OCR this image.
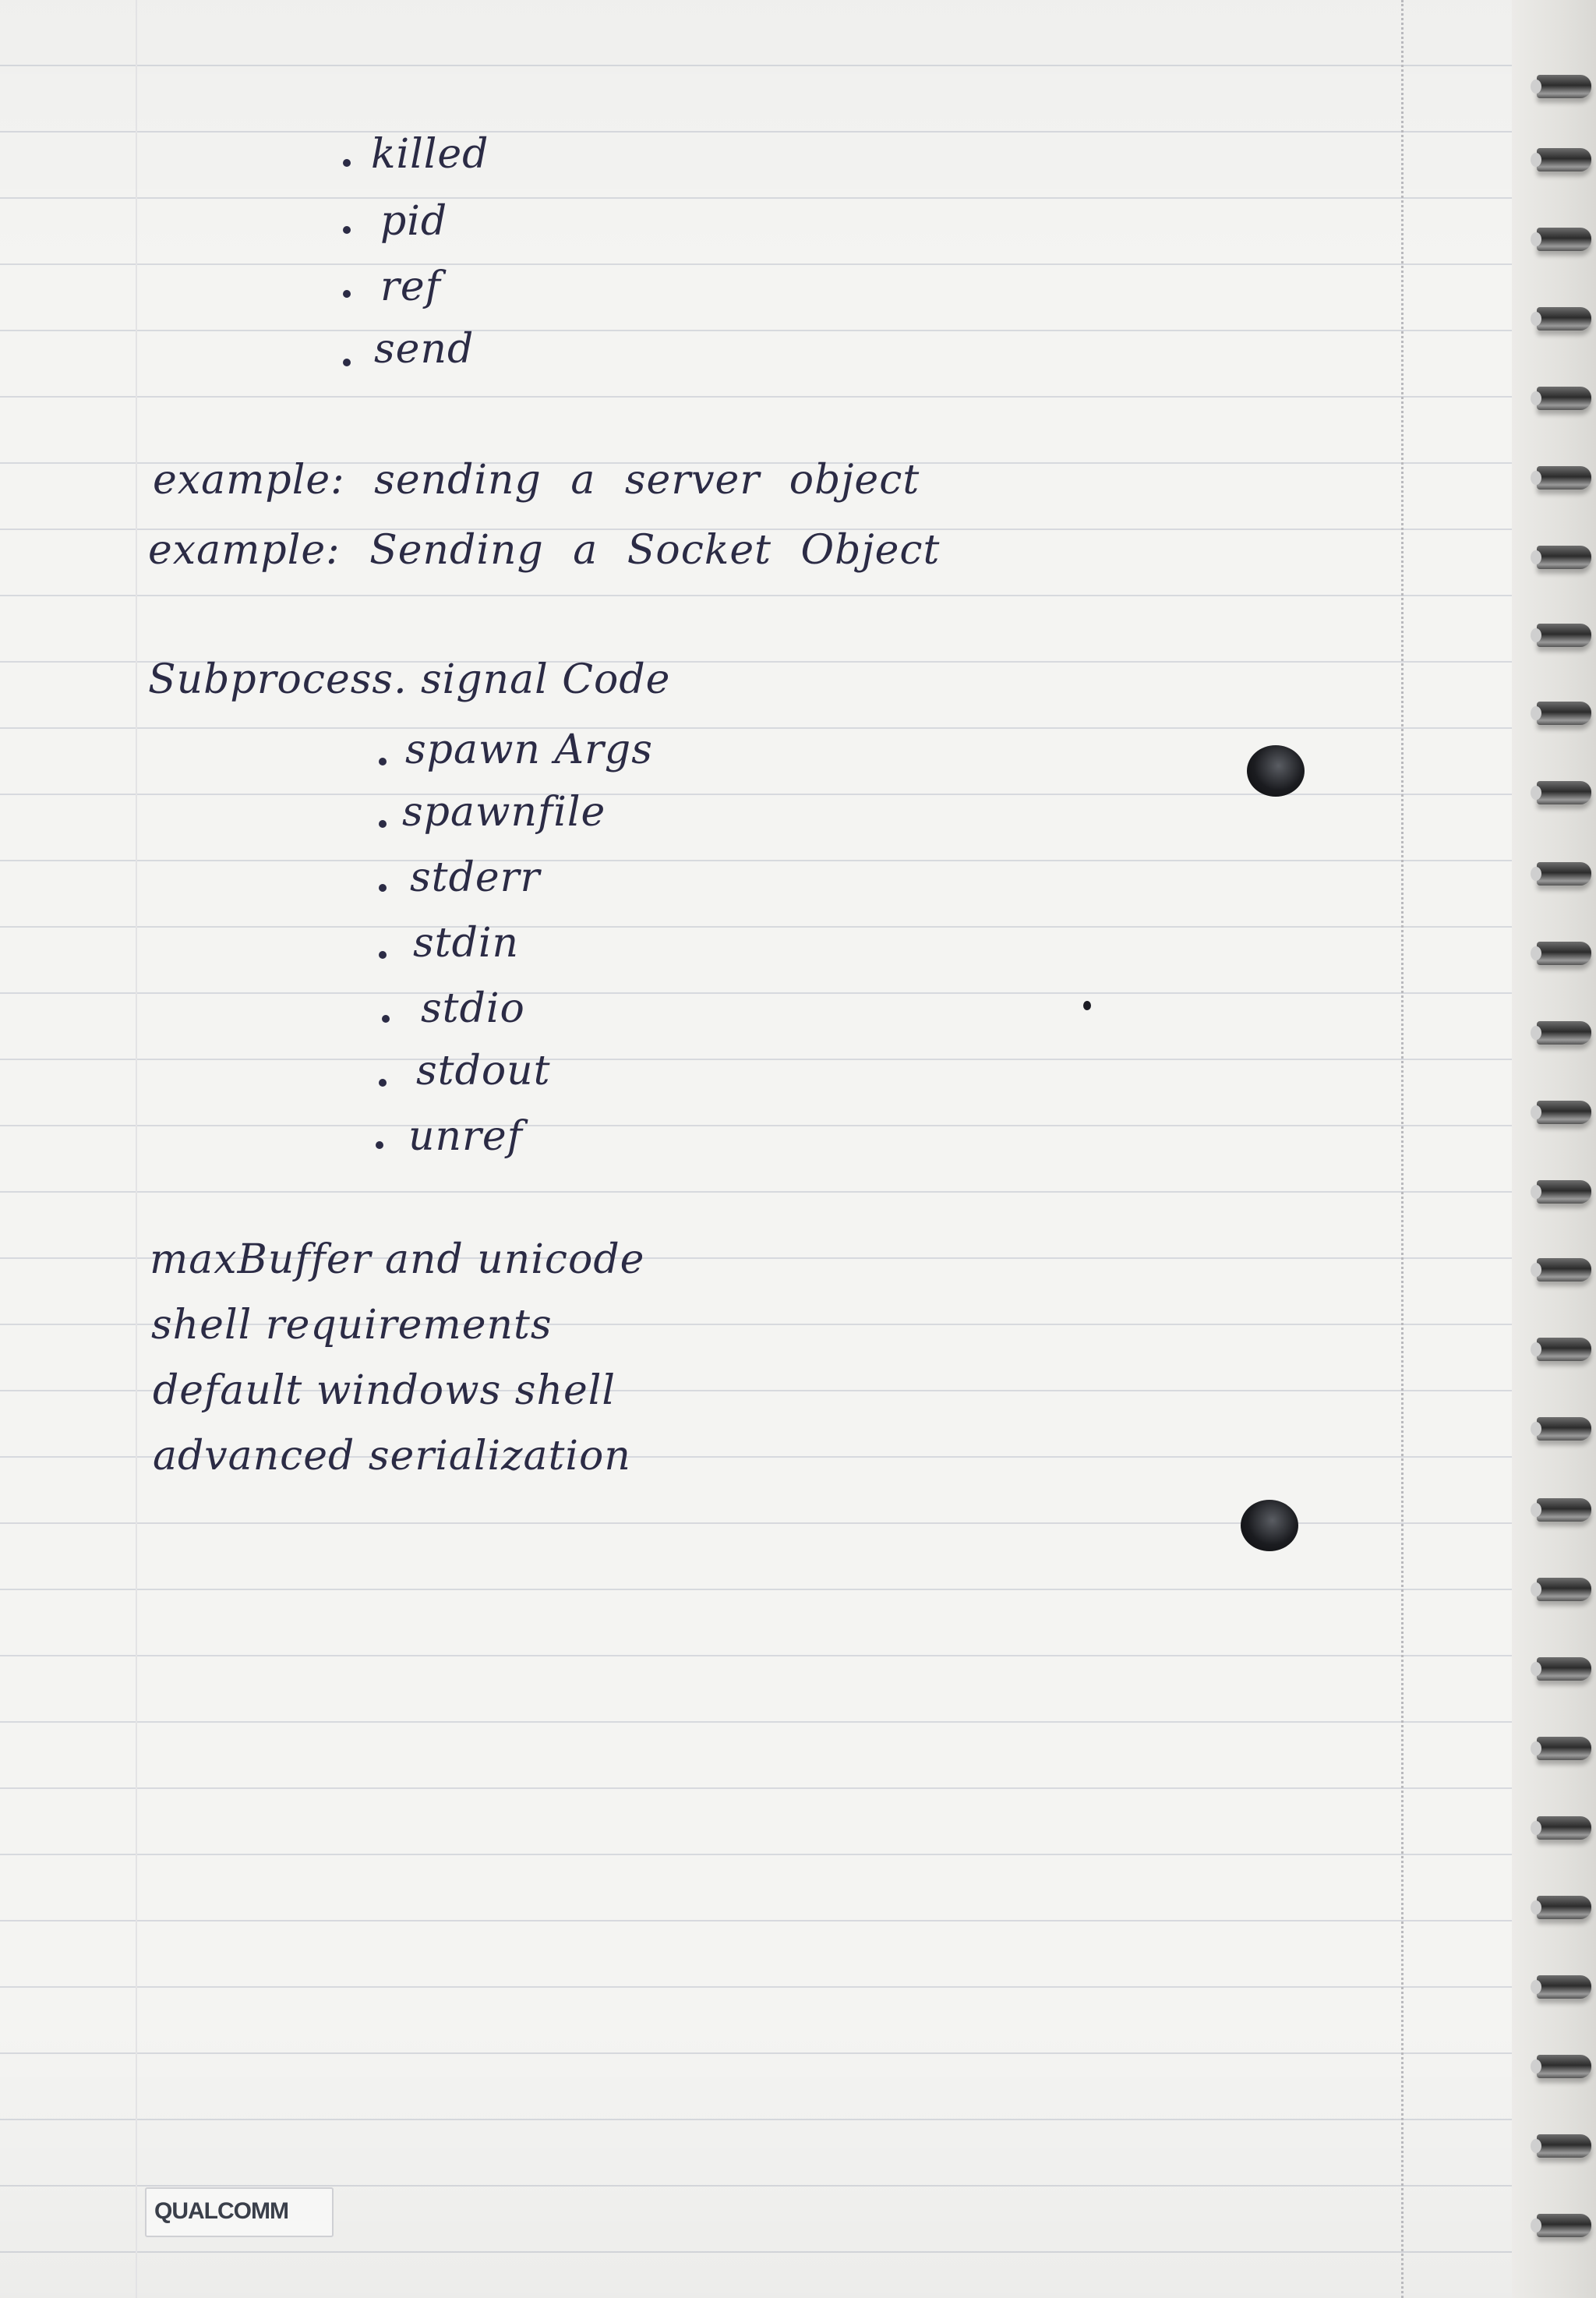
killed
pid
ref
send
example: sending a server object
example: Sending a Socket Object
Subprocess. signal Code
spawn Args
spawnfile
stderr
stdin
stdio
stdout
unref
maxBuffer and unicode
shell requirements
default windows shell
advanced serialization
QUALCOMM
